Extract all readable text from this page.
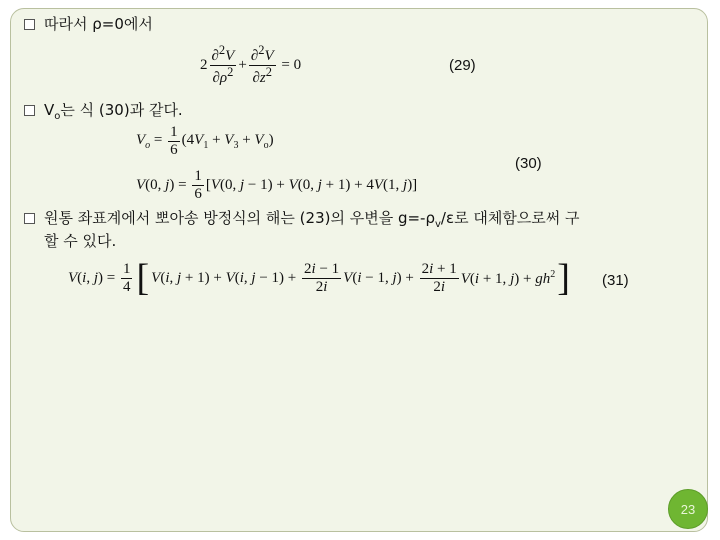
따라서 ρ=0에서
$2 \frac{\partial^2V}{\partial\rho^2} + \frac{\partial^2V}{\partial z^2} = 0$	(29)
$V_o$는 식 (30)과 같다.
$V_o = \frac{1}{6} (4V_1 + V_3 + V_o)$
(30)
V(0, $j) = \frac{1}{6} [V(0$, j − 1) + V(0, j + 1) + 4V(1, j)]
원통 좌표계에서 뽀아송 방정식의 해는 (23)의 우변을 $g=-\rho_v/\varepsilon$로 대체함으로써 구
할 수 있다.
V(i, $j) = \frac{1}{4}$ [ V(i, j + 1) + V(i, $j - 1) + \frac{2i - 1}{2i} V(i - 1$, $j) + \frac{2i + 1}{2i} V(i + 1$, $j) + gh^2$ ] (31)
23
